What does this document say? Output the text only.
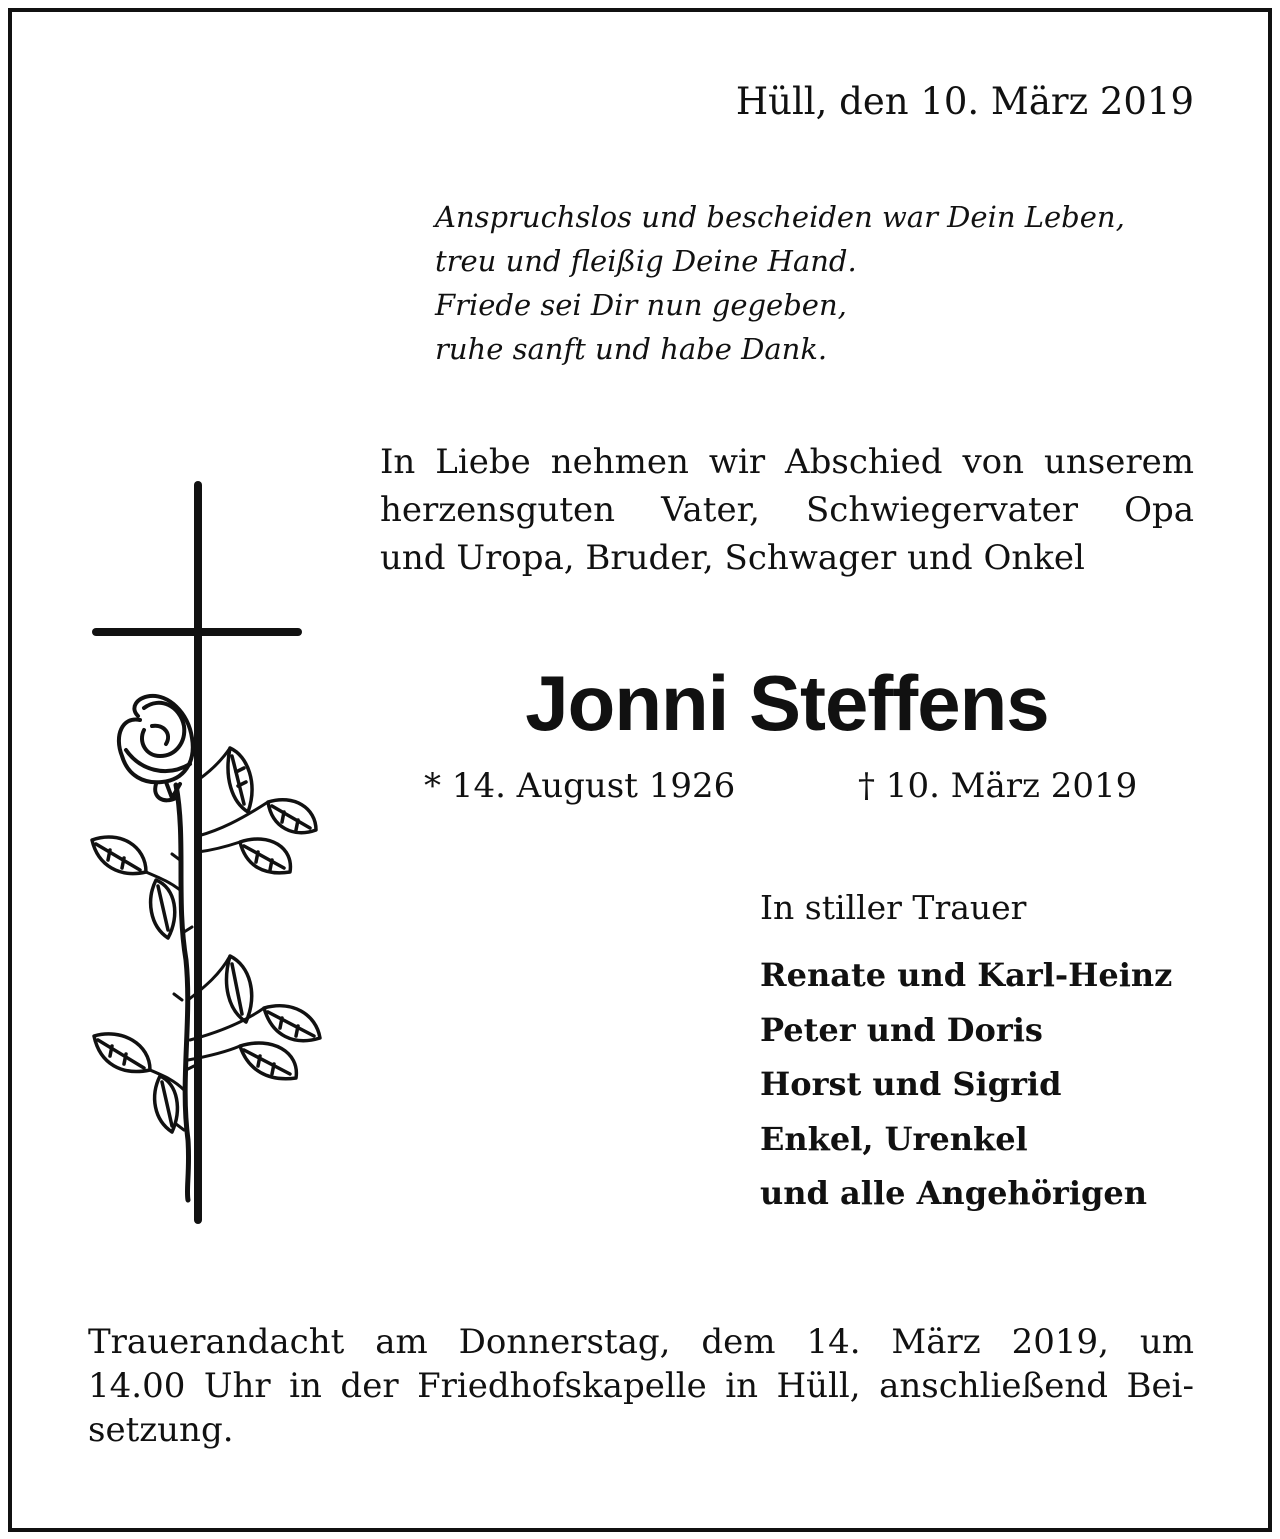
Hüll, den 10. März 2019
Anspruchslos und bescheiden war Dein Leben,
treu und fleißig Deine Hand.
Friede sei Dir nun gegeben,
ruhe sanft und habe Dank.
In Liebe nehmen wir Abschied von unserem
herzensguten Vater, Schwiegervater Opa
und Uropa, Bruder, Schwager und Onkel
Jonni Steffens
* 14. August 1926	† 10. März 2019
In stiller Trauer
Renate und Karl-Heinz
Peter und Doris
Horst und Sigrid
Enkel, Urenkel
und alle Angehörigen
Trauerandacht am Donnerstag, dem 14. März 2019, um
14.00 Uhr in der Friedhofskapelle in Hüll, anschließend Bei-
setzung.
